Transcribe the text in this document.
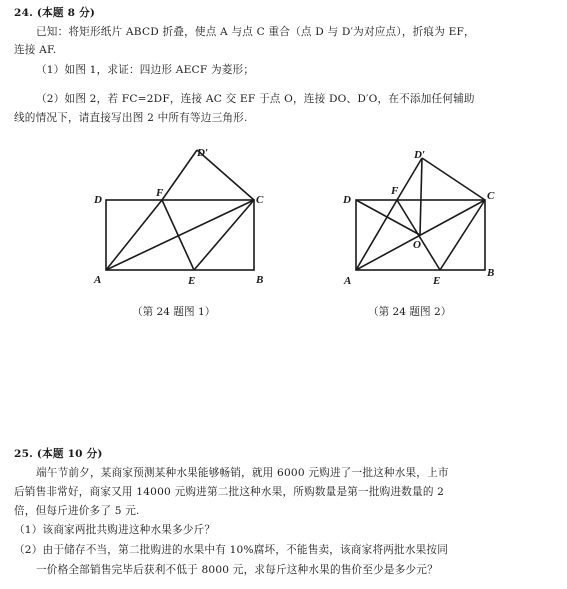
24. (本题 8 分)
已知：将矩形纸片 ABCD 折叠，使点 A 与点 C 重合（点 D 与 D′为对应点），折痕为 EF，
连接 AF.
（1）如图 1，求证：四边形 AECF 为菱形；
（2）如图 2，若 FC=2DF，连接 AC 交 EF 于点 O，连接 DO、D′O，在不添加任何辅助
线的情况下，请直接写出图 2 中所有等边三角形.
A	B
C
D
E
F
D′
A
B
C
D
E
F
D′
O
（第 24 题图 1）	（第 24 题图 2）
25. (本题 10 分)
端午节前夕，某商家预测某种水果能够畅销，就用 6000 元购进了一批这种水果，上市
后销售非常好，商家又用 14000 元购进第二批这种水果，所购数量是第一批购进数量的 2
倍，但每斤进价多了 5 元.
（1）该商家两批共购进这种水果多少斤？
（2）由于储存不当，第二批购进的水果中有 10%腐坏，不能售卖，该商家将两批水果按同
一价格全部销售完毕后获利不低于 8000 元，求每斤这种水果的售价至少是多少元？
